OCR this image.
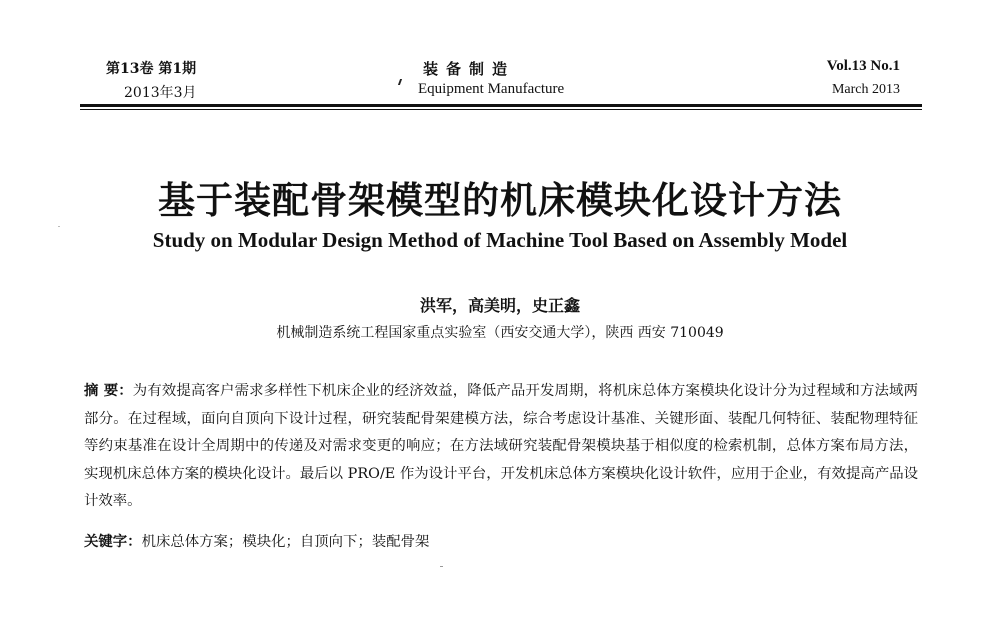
第13卷 第1期
2013年3月
装备制造
Equipment Manufacture
Vol.13 No.1
March 2013
基于装配骨架模型的机床模块化设计方法
Study on Modular Design Method of Machine Tool Based on Assembly Model
洪军，高美明，史正鑫
机械制造系统工程国家重点实验室（西安交通大学），陕西 西安 710049
摘 要：为有效提高客户需求多样性下机床企业的经济效益，降低产品开发周期，将机床总体方案模块化设计分为过程域和方法域两部分。在过程域，面向自顶向下设计过程，研究装配骨架建模方法，综合考虑设计基准、关键形面、装配几何特征、装配物理特征等约束基准在设计全周期中的传递及对需求变更的响应；在方法域研究装配骨架模块基于相似度的检索机制，总体方案布局方法，实现机床总体方案的模块化设计。最后以 PRO/E 作为设计平台，开发机床总体方案模块化设计软件，应用于企业，有效提高产品设计效率。
关键字：机床总体方案；模块化；自顶向下；装配骨架
